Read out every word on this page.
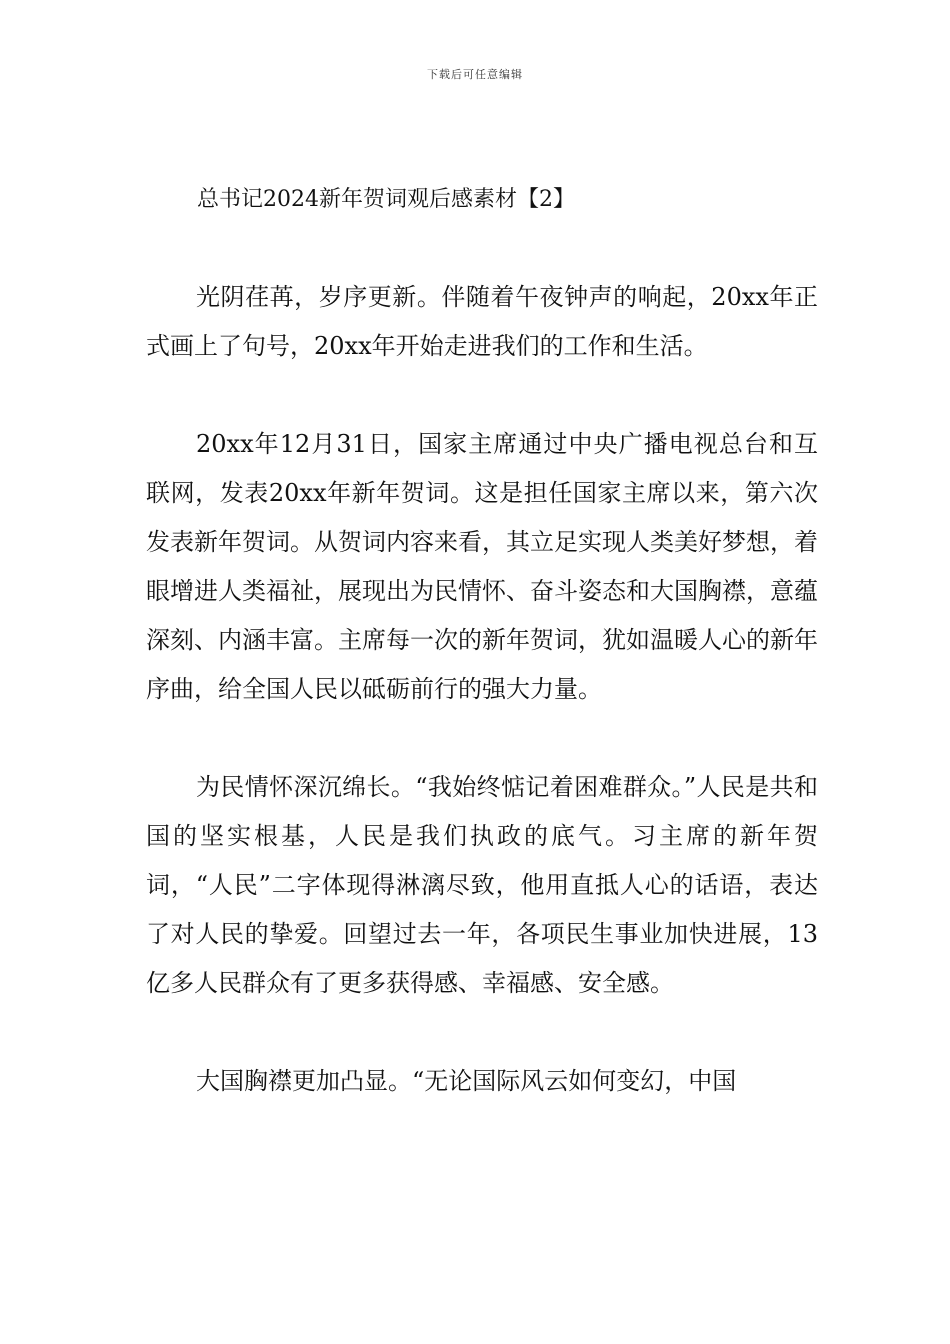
下载后可任意编辑
总书记2024新年贺词观后感素材【2】

光阴荏苒，岁序更新。伴随着午夜钟声的响起，20xx年正式画上了句号，20xx年开始走进我们的工作和生活。

20xx年12月31日，国家主席通过中央广播电视总台和互联网，发表20xx年新年贺词。这是担任国家主席以来，第六次发表新年贺词。从贺词内容来看，其立足实现人类美好梦想，着眼增进人类福祉，展现出为民情怀、奋斗姿态和大国胸襟，意蕴深刻、内涵丰富。主席每一次的新年贺词，犹如温暖人心的新年序曲，给全国人民以砥砺前行的强大力量。

为民情怀深沉绵长。“我始终惦记着困难群众。”人民是共和国的坚实根基，人民是我们执政的底气。习主席的新年贺词，“人民”二字体现得淋漓尽致，他用直抵人心的话语，表达了对人民的挚爱。回望过去一年，各项民生事业加快进展，13亿多人民群众有了更多获得感、幸福感、安全感。

大国胸襟更加凸显。“无论国际风云如何变幻，中国
